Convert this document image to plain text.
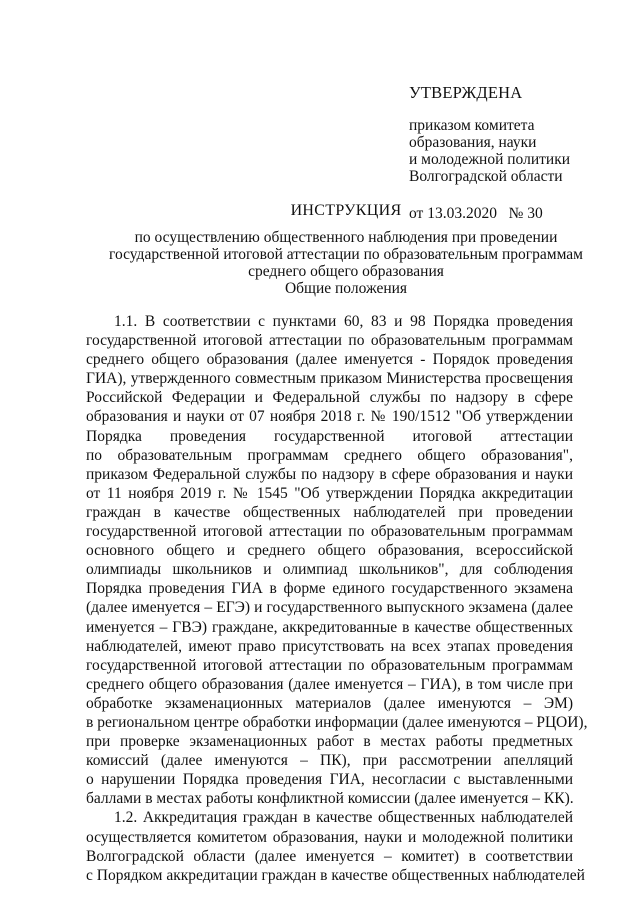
УТВЕРЖДЕНА
приказом комитета
образования, науки
и молодежной политики
Волгоградской области
от 13.03.2020   № 30
ИНСТРУКЦИЯ
по осуществлению общественного наблюдения при проведении
государственной итоговой аттестации по образовательным программам
среднего общего образования
Общие положения

1.1. В соответствии с пунктами 60, 83 и 98 Порядка проведения
государственной итоговой аттестации по образовательным программам
среднего общего образования (далее именуется - Порядок проведения
ГИА), утвержденного совместным приказом Министерства просвещения
Российской Федерации и Федеральной службы по надзору в сфере
образования и науки от 07 ноября 2018 г. № 190/1512 "Об утверждении
Порядка проведения государственной итоговой аттестации
по образовательным программам среднего общего образования",
приказом Федеральной службы по надзору в сфере образования и науки
от 11 ноября 2019 г. № 1545 "Об утверждении Порядка аккредитации
граждан в качестве общественных наблюдателей при проведении
государственной итоговой аттестации по образовательным программам
основного общего и среднего общего образования, всероссийской
олимпиады школьников и олимпиад школьников", для соблюдения
Порядка проведения ГИА в форме единого государственного экзамена
(далее именуется – ЕГЭ) и государственного выпускного экзамена (далее
именуется – ГВЭ) граждане, аккредитованные в качестве общественных
наблюдателей, имеют право присутствовать на всех этапах проведения
государственной итоговой аттестации по образовательным программам
среднего общего образования (далее именуется – ГИА), в том числе при
обработке экзаменационных материалов (далее именуются – ЭМ)
в региональном центре обработки информации (далее именуются – РЦОИ),
при проверке экзаменационных работ в местах работы предметных
комиссий (далее именуются – ПК), при рассмотрении апелляций
о нарушении Порядка проведения ГИА, несогласии с выставленными
баллами в местах работы конфликтной комиссии (далее именуется – КК).

1.2. Аккредитация граждан в качестве общественных наблюдателей
осуществляется комитетом образования, науки и молодежной политики
Волгоградской области (далее именуется – комитет) в соответствии
с Порядком аккредитации граждан в качестве общественных наблюдателей
